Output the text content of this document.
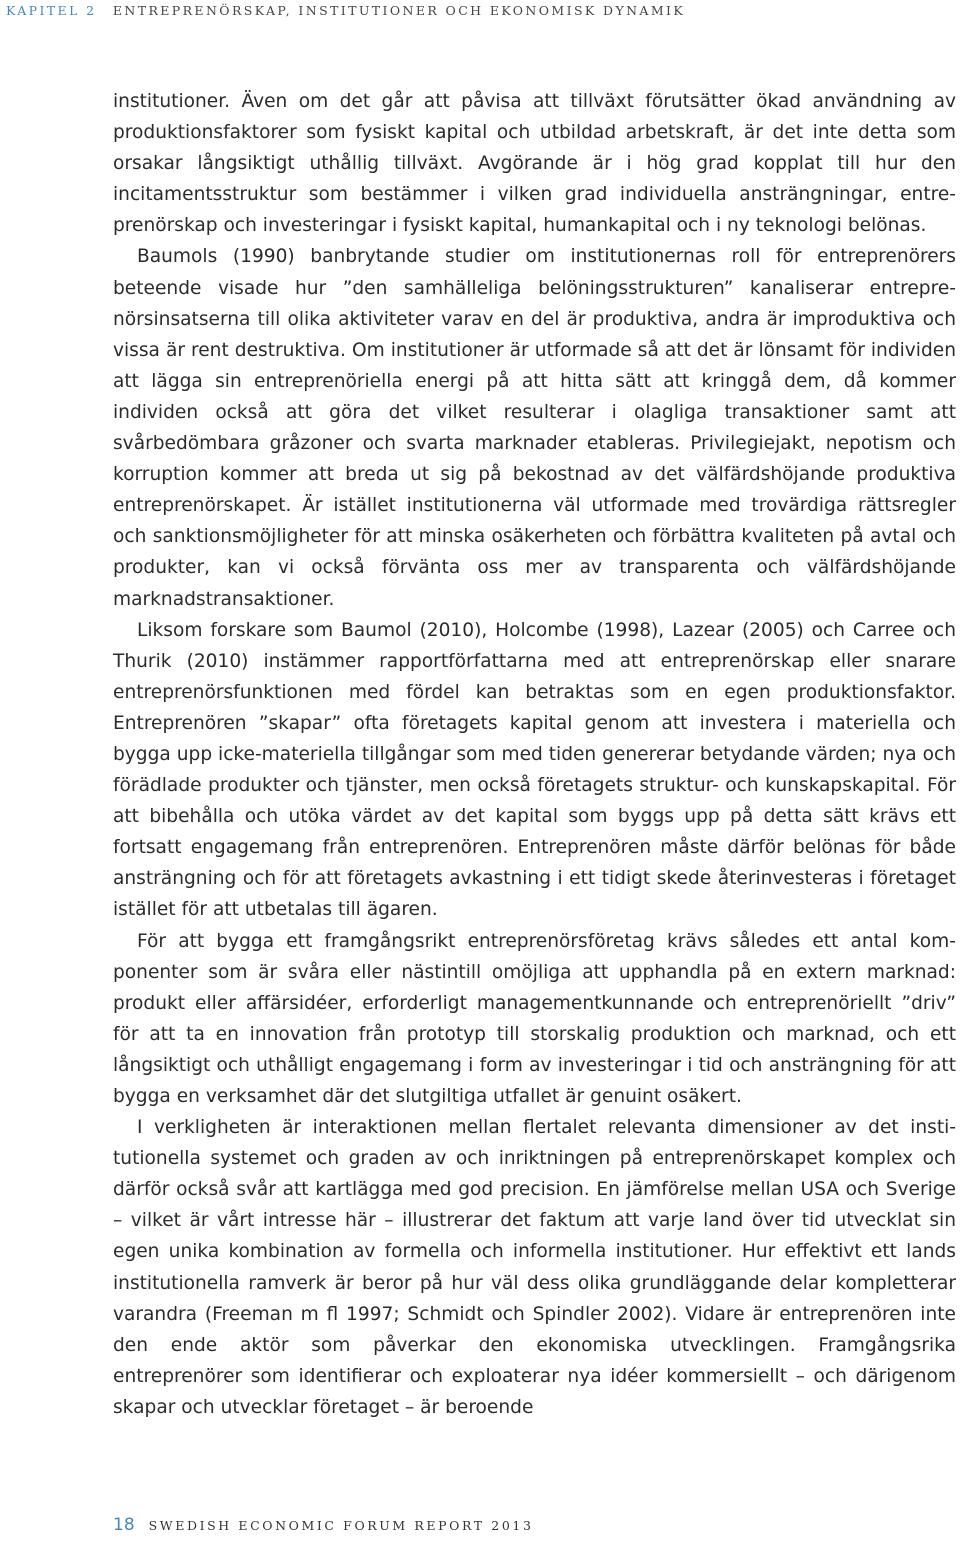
KAPITEL 2 ENTREPRENÖRSKAP, INSTITUTIONER OCH EKONOMISK DYNAMIK

institutioner. Även om det går att påvisa att tillväxt förutsätter ökad användning av produktionsfaktorer som fysiskt kapital och utbildad arbetskraft, är det inte detta som orsakar långsiktigt uthållig tillväxt. Avgörande är i hög grad kopplat till hur den incitamentsstruktur som bestämmer i vilken grad individuella ansträngningar, entreprenörskap och investeringar i fysiskt kapital, humankapital och i ny teknologi belönas.

Baumols (1990) banbrytande studier om institutionernas roll för entreprenörers beteende visade hur ”den samhälleliga belöningsstrukturen” kanaliserar entreprenörsinsatserna till olika aktiviteter varav en del är produktiva, andra är improduktiva och vissa är rent destruktiva. Om institutioner är utformade så att det är lönsamt för individen att lägga sin entreprenöriella energi på att hitta sätt att kringgå dem, då kommer individen också att göra det vilket resulterar i olagliga transaktioner samt att svårbedömbara gråzoner och svarta marknader etableras. Privilegiejakt, nepotism och korruption kommer att breda ut sig på bekostnad av det välfärdshöjande produktiva entreprenörskapet. Är istället institutionerna väl utformade med trovärdiga rättsregler och sanktionsmöjligheter för att minska osäkerheten och förbättra kvaliteten på avtal och produkter, kan vi också förvänta oss mer av transparenta och välfärdshöjande marknadstransaktioner.

Liksom forskare som Baumol (2010), Holcombe (1998), Lazear (2005) och Carree och Thurik (2010) instämmer rapportförfattarna med att entreprenörskap eller snarare entreprenörsfunktionen med fördel kan betraktas som en egen produktionsfaktor. Entreprenören ”skapar” ofta företagets kapital genom att investera i materiella och bygga upp icke-materiella tillgångar som med tiden genererar betydande värden; nya och förädlade produkter och tjänster, men också företagets struktur- och kunskapskapital. För att bibehålla och utöka värdet av det kapital som byggs upp på detta sätt krävs ett fortsatt engagemang från entreprenören. Entreprenören måste därför belönas för både ansträngning och för att företagets avkastning i ett tidigt skede återinvesteras i företaget istället för att utbetalas till ägaren.

För att bygga ett framgångsrikt entreprenörsföretag krävs således ett antal komponenter som är svåra eller nästintill omöjliga att upphandla på en extern marknad: produkt eller affärsidéer, erforderligt managementkunnande och entreprenöriellt ”driv” för att ta en innovation från prototyp till storskalig produktion och marknad, och ett långsiktigt och uthålligt engagemang i form av investeringar i tid och ansträngning för att bygga en verksamhet där det slutgiltiga utfallet är genuint osäkert.

I verkligheten är interaktionen mellan flertalet relevanta dimensioner av det institutionella systemet och graden av och inriktningen på entreprenörskapet komplex och därför också svår att kartlägga med god precision. En jämförelse mellan USA och Sverige – vilket är vårt intresse här – illustrerar det faktum att varje land över tid utvecklat sin egen unika kombination av formella och informella institutioner. Hur effektivt ett lands institutionella ramverk är beror på hur väl dess olika grundläggande delar kompletterar varandra (Freeman m fl 1997; Schmidt och Spindler 2002). Vidare är entreprenören inte den ende aktör som påverkar den ekonomiska utvecklingen. Framgångsrika entreprenörer som identifierar och exploaterar nya idéer kommersiellt – och därigenom skapar och utvecklar företaget – är beroende

18 SWEDISH ECONOMIC FORUM REPORT 2013
